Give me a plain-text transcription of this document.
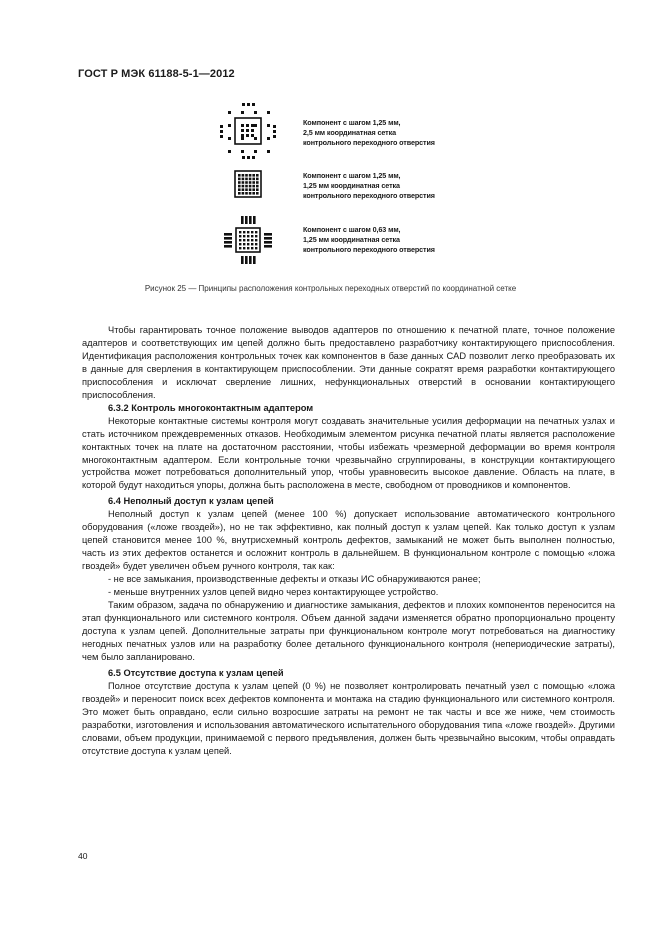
ГОСТ Р МЭК 61188-5-1—2012
Компонент с шагом 1,25 мм,
2,5 мм координатная сетка
контрольного переходного отверстия
Компонент с шагом 1,25 мм,
1,25 мм координатная сетка
контрольного переходного отверстия
Компонент с шагом 0,63 мм,
1,25 мм координатная сетка
контрольного переходного отверстия
Рисунок 25 — Принципы расположения контрольных переходных отверстий по координатной сетке

Чтобы гарантировать точное положение выводов адаптеров по отношению к печатной плате, точное положение адаптеров и соответствующих им цепей должно быть предоставлено разработчику контактирующего приспособления. Идентификация расположения контрольных точек как компонентов в базе данных CAD позволит легко преобразовать их в данные для сверления в контактирующем приспособлении. Эти данные сократят время разработки контактирующего приспособления и исключат сверление лишних, нефункциональных отверстий в основании контактирующего приспособления.

6.3.2 Контроль многоконтактным адаптером

Некоторые контактные системы контроля могут создавать значительные усилия деформации на печатных узлах и стать источником преждевременных отказов. Необходимым элементом рисунка печатной платы является расположение контактных точек на плате на достаточном расстоянии, чтобы избежать чрезмерной деформации во время контроля многоконтактным адаптером. Если контрольные точки чрезвычайно сгруппированы, в конструкции контактирующего устройства может потребоваться дополнительный упор, чтобы уравновесить высокое давление. Область на плате, в которой будут находиться упоры, должна быть расположена в месте, свободном от проводников и компонентов.

6.4 Неполный доступ к узлам цепей

Неполный доступ к узлам цепей (менее 100 %) допускает использование автоматического контрольного оборудования («ложе гвоздей»), но не так эффективно, как полный доступ к узлам цепей. Как только доступ к узлам цепей становится менее 100 %, внутрисхемный контроль дефектов, замыканий не может быть выполнен полностью, часть из этих дефектов останется и осложнит контроль в дальнейшем. В функциональном контроле с помощью «ложа гвоздей» будет увеличен объем ручного контроля, так как:

- не все замыкания, производственные дефекты и отказы ИС обнаруживаются ранее;

- меньше внутренних узлов цепей видно через контактирующее устройство.

Таким образом, задача по обнаружению и диагностике замыкания, дефектов и плохих компонентов переносится на этап функционального или системного контроля. Объем данной задачи изменяется обратно пропорционально проценту доступа к узлам цепей. Дополнительные затраты при функциональном контроле могут потребоваться на диагностику негодных печатных узлов или на разработку более детального функционального контроля (непериодические затраты), чем было запланировано.

6.5 Отсутствие доступа к узлам цепей

Полное отсутствие доступа к узлам цепей (0 %) не позволяет контролировать печатный узел с помощью «ложа гвоздей» и переносит поиск всех дефектов компонента и монтажа на стадию функционального или системного контроля. Это может быть оправдано, если сильно возросшие затраты на ремонт не так часты и все же ниже, чем стоимость разработки, изготовления и использования автоматического испытательного оборудования типа «ложе гвоздей». Другими словами, объем продукции, принимаемой с первого предъявления, должен быть чрезвычайно высоким, чтобы оправдать отсутствие доступа к узлам цепей.

40
